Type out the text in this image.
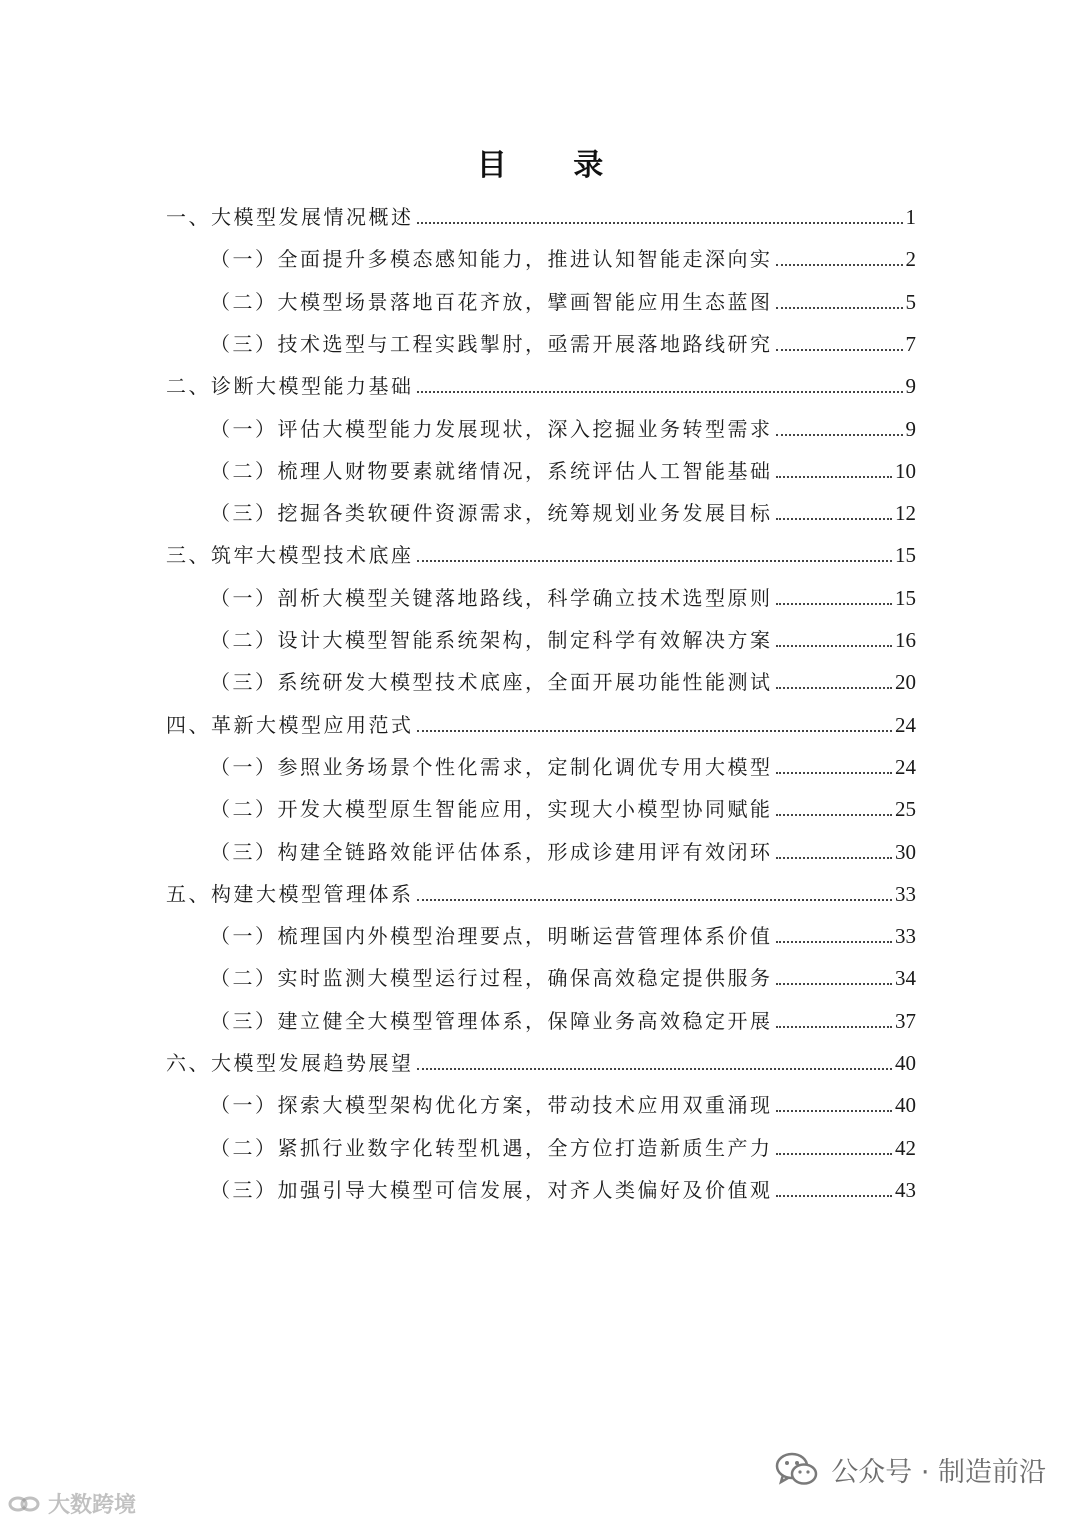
目 录
一、大模型发展情况概述	1
（一）全面提升多模态感知能力，推进认知智能走深向实	2
（二）大模型场景落地百花齐放，擘画智能应用生态蓝图	5
（三）技术选型与工程实践掣肘，亟需开展落地路线研究	7
二、诊断大模型能力基础	9
（一）评估大模型能力发展现状，深入挖掘业务转型需求	9
（二）梳理人财物要素就绪情况，系统评估人工智能基础	10
（三）挖掘各类软硬件资源需求，统筹规划业务发展目标	12
三、筑牢大模型技术底座	15
（一）剖析大模型关键落地路线，科学确立技术选型原则	15
（二）设计大模型智能系统架构，制定科学有效解决方案	16
（三）系统研发大模型技术底座，全面开展功能性能测试	20
四、革新大模型应用范式	24
（一）参照业务场景个性化需求，定制化调优专用大模型	24
（二）开发大模型原生智能应用，实现大小模型协同赋能	25
（三）构建全链路效能评估体系，形成诊建用评有效闭环	30
五、构建大模型管理体系	33
（一）梳理国内外模型治理要点，明晰运营管理体系价值	33
（二）实时监测大模型运行过程，确保高效稳定提供服务	34
（三）建立健全大模型管理体系，保障业务高效稳定开展	37
六、大模型发展趋势展望	40
（一）探索大模型架构优化方案，带动技术应用双重涌现	40
（二）紧抓行业数字化转型机遇，全方位打造新质生产力	42
（三）加强引导大模型可信发展，对齐人类偏好及价值观	43
大数跨境
公众号 · 制造前沿
